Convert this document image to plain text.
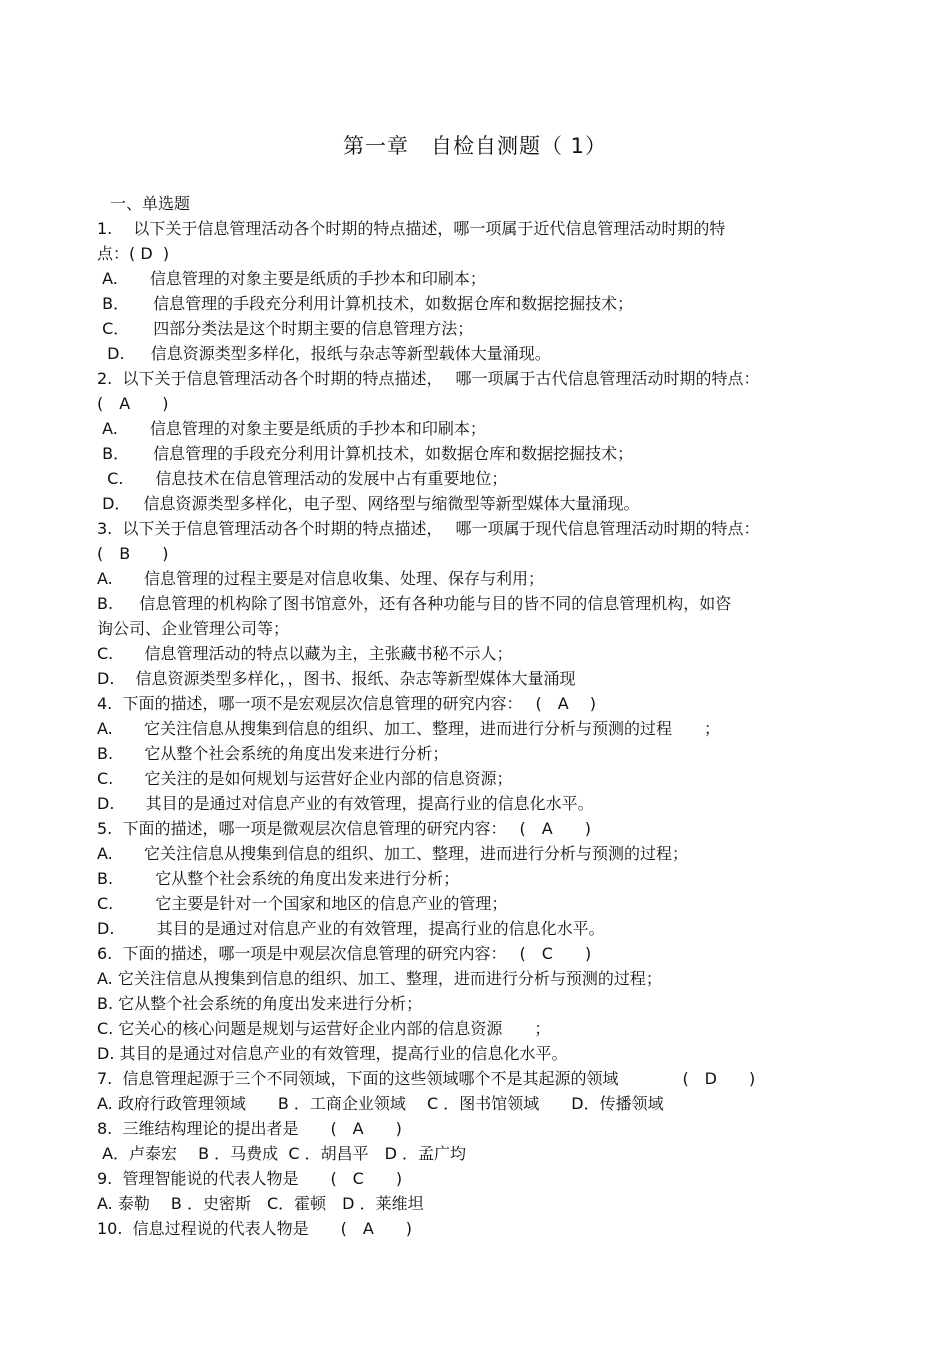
第一章　自检自测题（ 1）
一、单选题
1.　 以下关于信息管理活动各个时期的特点描述，哪一项属于近代信息管理活动时期的特
点：( D  )
A.　　信息管理的对象主要是纸质的手抄本和印刷本；
B．　　信息管理的手段充分利用计算机技术，如数据仓库和数据挖掘技术；
C．　　四部分类法是这个时期主要的信息管理方法；
D.　  信息资源类型多样化，报纸与杂志等新型载体大量涌现。
2.  以下关于信息管理活动各个时期的特点描述，　 哪一项属于古代信息管理活动时期的特点：
(　A　　)
A.　　信息管理的对象主要是纸质的手抄本和印刷本；
B．　　信息管理的手段充分利用计算机技术，如数据仓库和数据挖掘技术；
C.　　信息技术在信息管理活动的发展中占有重要地位；
D．　 信息资源类型多样化，电子型、网络型与缩微型等新型媒体大量涌现。
3.  以下关于信息管理活动各个时期的特点描述，　 哪一项属于现代信息管理活动时期的特点：
(　B　　)
A.　   信息管理的过程主要是对信息收集、处理、保存与利用；
B.　  信息管理的机构除了图书馆意外，还有各种功能与目的皆不同的信息管理机构，如咨
询公司、企业管理公司等；
C.　   信息管理活动的特点以藏为主，主张藏书秘不示人；
D.　 信息资源类型多样化，，图书、报纸、杂志等新型媒体大量涌现
4.  下面的描述，哪一项不是宏观层次信息管理的研究内容：　 (　A　 )
A.　   它关注信息从搜集到信息的组织、加工、整理，进而进行分析与预测的过程　　；
B.　   它从整个社会系统的角度出发来进行分析；
C.　   它关注的是如何规划与运营好企业内部的信息资源；
D.　   其目的是通过对信息产业的有效管理，提高行业的信息化水平。
5.  下面的描述，哪一项是微观层次信息管理的研究内容：　 (　A　　)
A.　   它关注信息从搜集到信息的组织、加工、整理，进而进行分析与预测的过程；
B.　　  它从整个社会系统的角度出发来进行分析；
C.　　  它主要是针对一个国家和地区的信息产业的管理；
D.　　  其目的是通过对信息产业的有效管理，提高行业的信息化水平。
6.  下面的描述，哪一项是中观层次信息管理的研究内容：　 (　C　　)
A. 它关注信息从搜集到信息的组织、加工、整理，进而进行分析与预测的过程；
B. 它从整个社会系统的角度出发来进行分析；
C. 它关心的核心问题是规划与运营好企业内部的信息资源　　；
D. 其目的是通过对信息产业的有效管理，提高行业的信息化水平。
7.  信息管理起源于三个不同领域，下面的这些领域哪个不是其起源的领域　　　　(　D　　)
A. 政府行政管理领域　　B ．工商企业领域　 C ．图书馆领域　　D．传播领域
8.  三维结构理论的提出者是　　(　A　　)
A．卢泰宏　 B ．马费成  C ．胡昌平　D ．孟广均
9.  管理智能说的代表人物是　　(　C　　)
A. 泰勒　 B ．史密斯　C．霍顿　D ．莱维坦
10.  信息过程说的代表人物是　　(　A　　)
